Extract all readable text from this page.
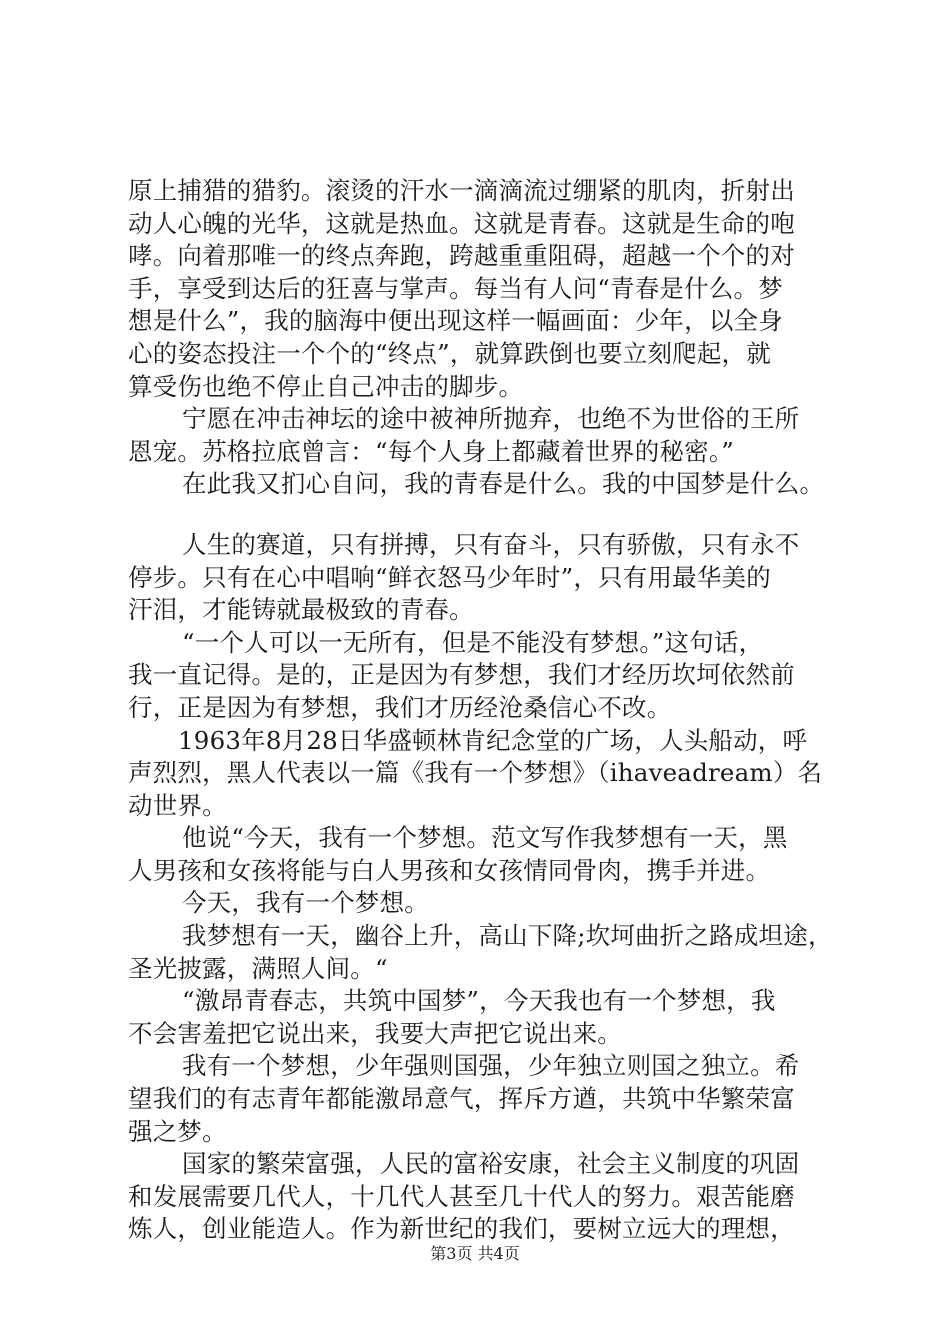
原上捕猎的猎豹。滚烫的汗水一滴滴流过绷紧的肌肉，折射出
动人心魄的光华，这就是热血。这就是青春。这就是生命的咆
哮。向着那唯一的终点奔跑，跨越重重阻碍，超越一个个的对
手，享受到达后的狂喜与掌声。每当有人问“青春是什么。梦
想是什么”，我的脑海中便出现这样一幅画面：少年，以全身
心的姿态投注一个个的“终点”，就算跌倒也要立刻爬起，就
算受伤也绝不停止自己冲击的脚步。
宁愿在冲击神坛的途中被神所抛弃，也绝不为世俗的王所
恩宠。苏格拉底曾言：“每个人身上都藏着世界的秘密。”
在此我又扪心自问，我的青春是什么。我的中国梦是什么。
人生的赛道，只有拼搏，只有奋斗，只有骄傲，只有永不
停步。只有在心中唱响“鲜衣怒马少年时”，只有用最华美的
汗泪，才能铸就最极致的青春。
“一个人可以一无所有，但是不能没有梦想。”这句话，
我一直记得。是的，正是因为有梦想，我们才经历坎坷依然前
行，正是因为有梦想，我们才历经沧桑信心不改。
1963年8月28日华盛顿林肯纪念堂的广场，人头船动，呼
声烈烈，黑人代表以一篇《我有一个梦想》（ihaveadream）名
动世界。
他说“今天，我有一个梦想。范文写作我梦想有一天，黑
人男孩和女孩将能与白人男孩和女孩情同骨肉，携手并进。
今天，我有一个梦想。
我梦想有一天，幽谷上升，高山下降;坎坷曲折之路成坦途，
圣光披露，满照人间。“
“激昂青春志，共筑中国梦”，今天我也有一个梦想，我
不会害羞把它说出来，我要大声把它说出来。
我有一个梦想，少年强则国强，少年独立则国之独立。希
望我们的有志青年都能激昂意气，挥斥方遒，共筑中华繁荣富
强之梦。
国家的繁荣富强，人民的富裕安康，社会主义制度的巩固
和发展需要几代人，十几代人甚至几十代人的努力。艰苦能磨
炼人，创业能造人。作为新世纪的我们，要树立远大的理想，
第3页 共4页
